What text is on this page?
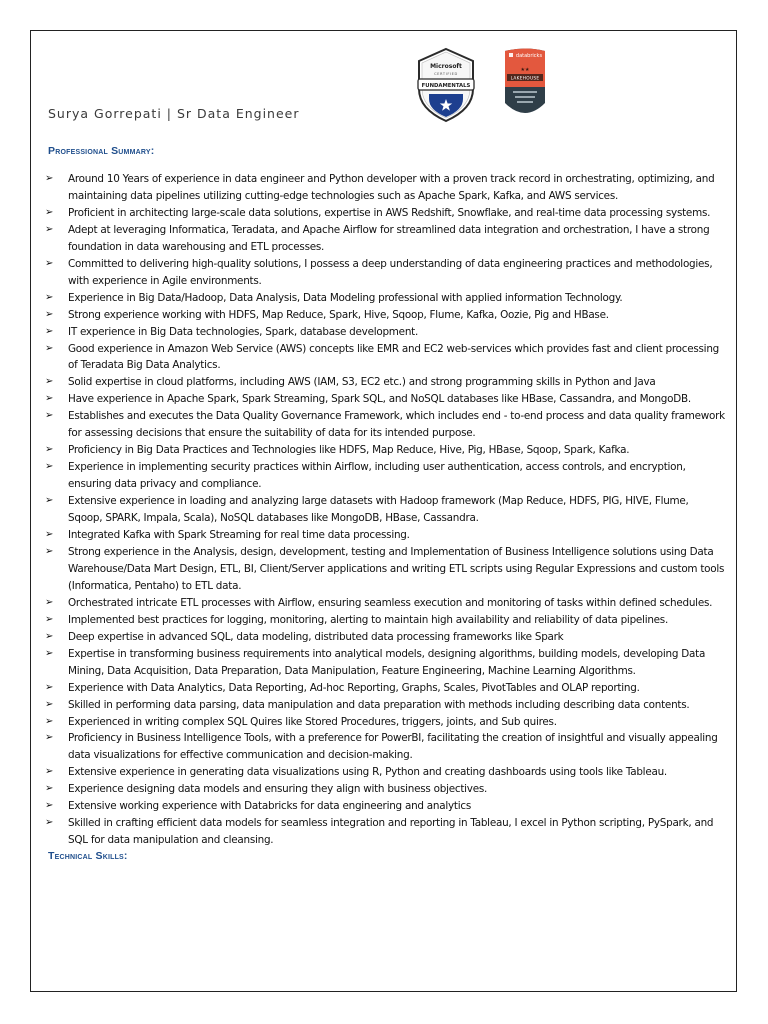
Microsoft
CERTIFIED
FUNDAMENTALS
databricks
★★
LAKEHOUSE
Surya Gorrepati | Sr Data Engineer
Professional Summary:
➢ Around 10 Years of experience in data engineer and Python developer with a proven track record in orchestrating, optimizing, and maintaining data pipelines utilizing cutting-edge technologies such as Apache Spark, Kafka, and AWS services.
➢ Proficient in architecting large-scale data solutions, expertise in AWS Redshift, Snowflake, and real-time data processing systems.
➢ Adept at leveraging Informatica, Teradata, and Apache Airflow for streamlined data integration and orchestration, I have a strong foundation in data warehousing and ETL processes.
➢ Committed to delivering high-quality solutions, I possess a deep understanding of data engineering practices and methodologies, with experience in Agile environments.
➢ Experience in Big Data/Hadoop, Data Analysis, Data Modeling professional with applied information Technology.
➢ Strong experience working with HDFS, Map Reduce, Spark, Hive, Sqoop, Flume, Kafka, Oozie, Pig and HBase.
➢ IT experience in Big Data technologies, Spark, database development.
➢ Good experience in Amazon Web Service (AWS) concepts like EMR and EC2 web-services which provides fast and client processing of Teradata Big Data Analytics.
➢ Solid expertise in cloud platforms, including AWS (IAM, S3, EC2 etc.) and strong programming skills in Python and Java
➢ Have experience in Apache Spark, Spark Streaming, Spark SQL, and NoSQL databases like HBase, Cassandra, and MongoDB.
➢ Establishes and executes the Data Quality Governance Framework, which includes end - to-end process and data quality framework for assessing decisions that ensure the suitability of data for its intended purpose.
➢ Proficiency in Big Data Practices and Technologies like HDFS, Map Reduce, Hive, Pig, HBase, Sqoop, Spark, Kafka.
➢ Experience in implementing security practices within Airflow, including user authentication, access controls, and encryption, ensuring data privacy and compliance.
➢ Extensive experience in loading and analyzing large datasets with Hadoop framework (Map Reduce, HDFS, PIG, HIVE, Flume, Sqoop, SPARK, Impala, Scala), NoSQL databases like MongoDB, HBase, Cassandra.
➢ Integrated Kafka with Spark Streaming for real time data processing.
➢ Strong experience in the Analysis, design, development, testing and Implementation of Business Intelligence solutions using Data Warehouse/Data Mart Design, ETL, BI, Client/Server applications and writing ETL scripts using Regular Expressions and custom tools (Informatica, Pentaho) to ETL data.
➢ Orchestrated intricate ETL processes with Airflow, ensuring seamless execution and monitoring of tasks within defined schedules.
➢ Implemented best practices for logging, monitoring, alerting to maintain high availability and reliability of data pipelines.
➢ Deep expertise in advanced SQL, data modeling, distributed data processing frameworks like Spark
➢ Expertise in transforming business requirements into analytical models, designing algorithms, building models, developing Data Mining, Data Acquisition, Data Preparation, Data Manipulation, Feature Engineering, Machine Learning Algorithms.
➢ Experience with Data Analytics, Data Reporting, Ad-hoc Reporting, Graphs, Scales, PivotTables and OLAP reporting.
➢ Skilled in performing data parsing, data manipulation and data preparation with methods including describing data contents.
➢ Experienced in writing complex SQL Quires like Stored Procedures, triggers, joints, and Sub quires.
➢ Proficiency in Business Intelligence Tools, with a preference for PowerBI, facilitating the creation of insightful and visually appealing data visualizations for effective communication and decision-making.
➢ Extensive experience in generating data visualizations using R, Python and creating dashboards using tools like Tableau.
➢ Experience designing data models and ensuring they align with business objectives.
➢ Extensive working experience with Databricks for data engineering and analytics
➢ Skilled in crafting efficient data models for seamless integration and reporting in Tableau, I excel in Python scripting, PySpark, and SQL for data manipulation and cleansing.
Technical Skills:
